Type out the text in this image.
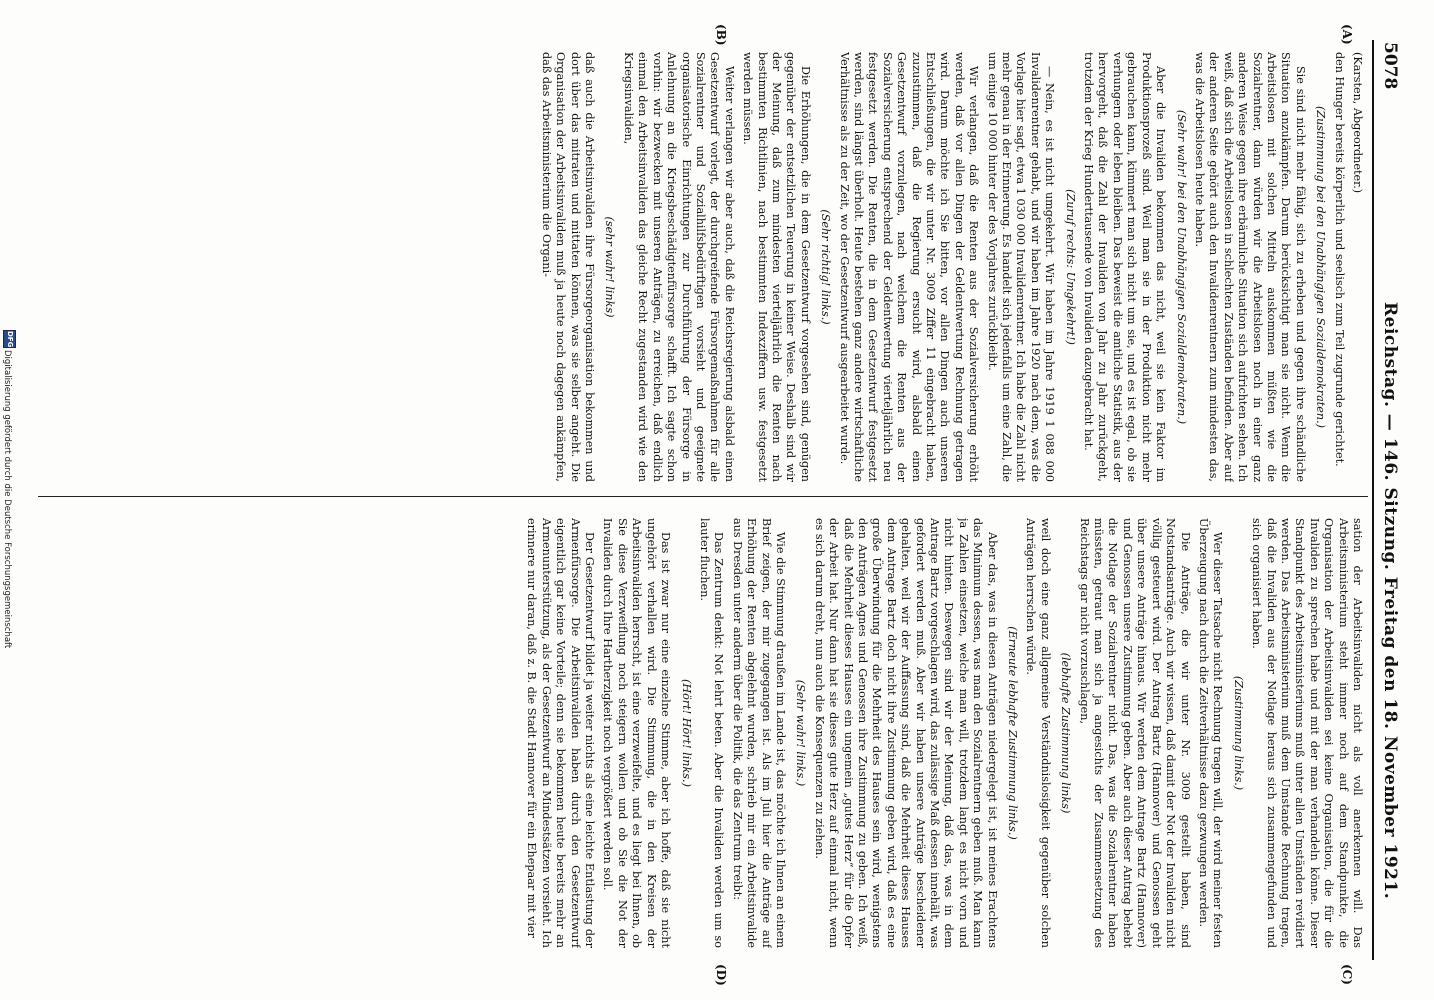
5078
Reichstag. — 146. Sitzung. Freitag den 18. November 1921.
(A)
(B)
(C)
(D)

(Karsten, Abgeordneter.)

den Hunger bereits körperlich und seelisch zum Teil zugrunde gerichtet.

(Zustimmung bei den Unabhängigen Sozialdemokraten.)

Sie sind nicht mehr fähig, sich zu erheben und gegen ihre schändliche Situation anzukämpfen. Darum berücksichtigt man sie nicht. Wenn die Arbeitslosen mit solchen Mitteln auskommen müßten wie die Sozialrentner, dann würden wir die Arbeitslosen noch in einer ganz anderen Weise gegen ihre erbärmliche Situation sich aufrichten sehen. Ich weiß, daß sich die Arbeitslosen in schlechten Zuständen befinden. Aber auf der anderen Seite gehört auch den Invalidenrentnern zum mindesten das, was die Arbeitslosen heute haben.

(Sehr wahr! bei den Unabhängigen Sozialdemokraten.)

Aber die Invaliden bekommen das nicht, weil sie kein Faktor im Produktionsprozeß sind. Weil man sie in der Produktion nicht mehr gebrauchen kann, kümmert man sich nicht um sie, und es ist egal, ob sie verhungern oder leben bleiben. Das beweist die amtliche Statistik, aus der hervorgeht, daß die Zahl der Invaliden von Jahr zu Jahr zurückgeht, trotzdem der Krieg Hunderttausende von Invaliden dazugebracht hat.

(Zuruf rechts: Umgekehrt!)

— Nein, es ist nicht umgekehrt. Wir haben im Jahre 1919 1 088 000 Invalidenrentner gehabt, und wir haben im Jahre 1920 nach dem, was die Vorlage hier sagt, etwa 1 030 000 Invalidenrentner. Ich habe die Zahl nicht mehr genau in der Erinnerung. Es handelt sich jedenfalls um eine Zahl, die um einige 10 000 hinter der des Vorjahres zurückbleibt.

Wir verlangen, daß die Renten aus der Sozialversicherung erhöht werden, daß vor allen Dingen der Geldentwertung Rechnung getragen wird. Darum möchte ich Sie bitten, vor allen Dingen auch unseren Entschließungen, die wir unter Nr. 3009 Ziffer 11 eingebracht haben, zuzustimmen, daß die Regierung ersucht wird, alsbald einen Gesetzentwurf vorzulegen, nach welchem die Renten aus der Sozialversicherung entsprechend der Geldentwertung vierteljährlich neu festgesetzt werden. Die Renten, die in dem Gesetzentwurf festgesetzt werden, sind längst überholt. Heute bestehen ganz andere wirtschaftliche Verhältnisse als zu der Zeit, wo der Gesetzentwurf ausgearbeitet wurde.

(Sehr richtig! links.)

Die Erhöhungen, die in dem Gesetzentwurf vorgesehen sind, genügen gegenüber der entsetzlichen Teuerung in keiner Weise. Deshalb sind wir der Meinung, daß zum mindesten vierteljährlich die Renten nach bestimmten Richtlinien, nach bestimmten Indexziffern usw. festgesetzt werden müssen.

Weiter verlangen wir aber auch, daß die Reichsregierung alsbald einen Gesetzentwurf vorlegt, der durchgreifende Fürsorgemaßnahmen für alle Sozialrentner und Sozialhilfsbedürftigen vorsieht und geeignete organisatorische Einrichtungen zur Durchführung der Fürsorge in Anlehnung an die Kriegsbeschädigtenfürsorge schafft. Ich sagte schon vorhin: wir bezwecken mit unseren Anträgen, zu erreichen, daß endlich einmal den Arbeitsinvaliden das gleiche Recht zugestanden wird wie den Kriegsinvaliden,

(sehr wahr! links)

daß auch die Arbeitsinvaliden ihre Fürsorgeorganisation bekommen und dort über das mitraten und mittaten können, was sie selber angeht. Die Organisation der Arbeitsinvaliden muß ja heute noch dagegen ankämpfen, daß das Arbeitsministerium die Organi-

sation der Arbeitsinvaliden nicht als voll anerkennen will. Das Arbeitsministerium steht immer noch auf dem Standpunkte, die Organisation der Arbeitsinvaliden sei keine Organisation, die für die Invaliden zu sprechen habe und mit der man verhandeln könne. Dieser Standpunkt des Arbeitsministeriums muß unter allen Umständen revidiert werden. Das Arbeitsministerium muß dem Umstande Rechnung tragen, daß die Invaliden aus der Notlage heraus sich zusammengefunden und sich organisiert haben.

(Zustimmung links.)

Wer dieser Tatsache nicht Rechnung tragen will, der wird meiner festen Überzeugung nach durch die Zeitverhältnisse dazu gezwungen werden.

Die Anträge, die wir unter Nr. 3009 gestellt haben, sind Notstandsanträge. Auch wir wissen, daß damit der Not der Invaliden nicht völlig gesteuert wird. Der Antrag Bartz (Hannover) und Genossen geht über unsere Anträge hinaus. Wir werden dem Antrage Bartz (Hannover) und Genossen unsere Zustimmung geben. Aber auch dieser Antrag behebt die Notlage der Sozialrentner nicht. Das, was die Sozialrentner haben müssten, getraut man sich ja angesichts der Zusammensetzung des Reichstags gar nicht vorzuschlagen,

(lebhafte Zustimmung links)

weil doch eine ganz allgemeine Verständnislosigkeit gegenüber solchen Anträgen herrschen würde.

(Erneute lebhafte Zustimmung links.)

Aber das, was in diesen Anträgen niedergelegt ist, ist meines Erachtens das Minimum dessen, was man den Sozialrentnern geben muß. Man kann ja Zahlen einsetzen, welche man will, trotzdem langt es nicht vorn und nicht hinten. Deswegen sind wir der Meinung, daß das, was in dem Antrage Bartz vorgeschlagen wird, das zulässige Maß dessen innehält, was gefordert werden muß. Aber wir haben unsere Anträge bescheidener gehalten, weil wir der Auffassung sind, daß die Mehrheit dieses Hauses dem Antrage Bartz doch nicht ihre Zustimmung geben wird, daß es eine große Überwindung für die Mehrheit des Hauses sein wird, wenigstens den Anträgen Agnes und Genossen ihre Zustimmung zu geben. Ich weiß, daß die Mehrheit dieses Hauses ein ungemein „gutes Herz“ für die Opfer der Arbeit hat. Nur dann hat sie dieses gute Herz auf einmal nicht, wenn es sich darum dreht, nun auch die Konsequenzen zu ziehen.

(Sehr wahr! links.)

Wie die Stimmung draußen im Lande ist, das möchte ich Ihnen an einem Brief zeigen, der mir zugegangen ist. Als im Juli hier die Anträge auf Erhöhung der Renten abgelehnt wurden, schrieb mir ein Arbeitsinvalide aus Dresden unter anderm über die Politik, die das Zentrum treibt:

Das Zentrum denkt: Not lehrt beten. Aber die Invaliden werden um so lauter fluchen.

(Hört! Hört! links.)

Das ist zwar nur eine einzelne Stimme, aber ich hoffe, daß sie nicht ungehört verhallen wird. Die Stimmung, die in den Kreisen der Arbeitsinvaliden herrscht, ist eine verzweifelte, und es liegt bei Ihnen, ob Sie diese Verzweiflung noch steigern wollen und ob Sie die Not der Invaliden durch Ihre Hartherzigkeit noch vergrößert werden soll.

Der Gesetzentwurf bildet ja weiter nichts als eine leichte Entlastung der Armenfürsorge. Die Arbeitsinvaliden haben durch den Gesetzentwurf eigentlich gar keine Vorteile; denn sie bekommen heute bereits mehr an Armenunterstützung, als der Gesetzentwurf an Mindestsätzen vorsieht. Ich erinnere nur daran, daß z. B. die Stadt Hannover für ein Ehepaar mit vier

DFG
Digitalisierung gefördert durch die Deutsche Forschungsgemeinschaft
